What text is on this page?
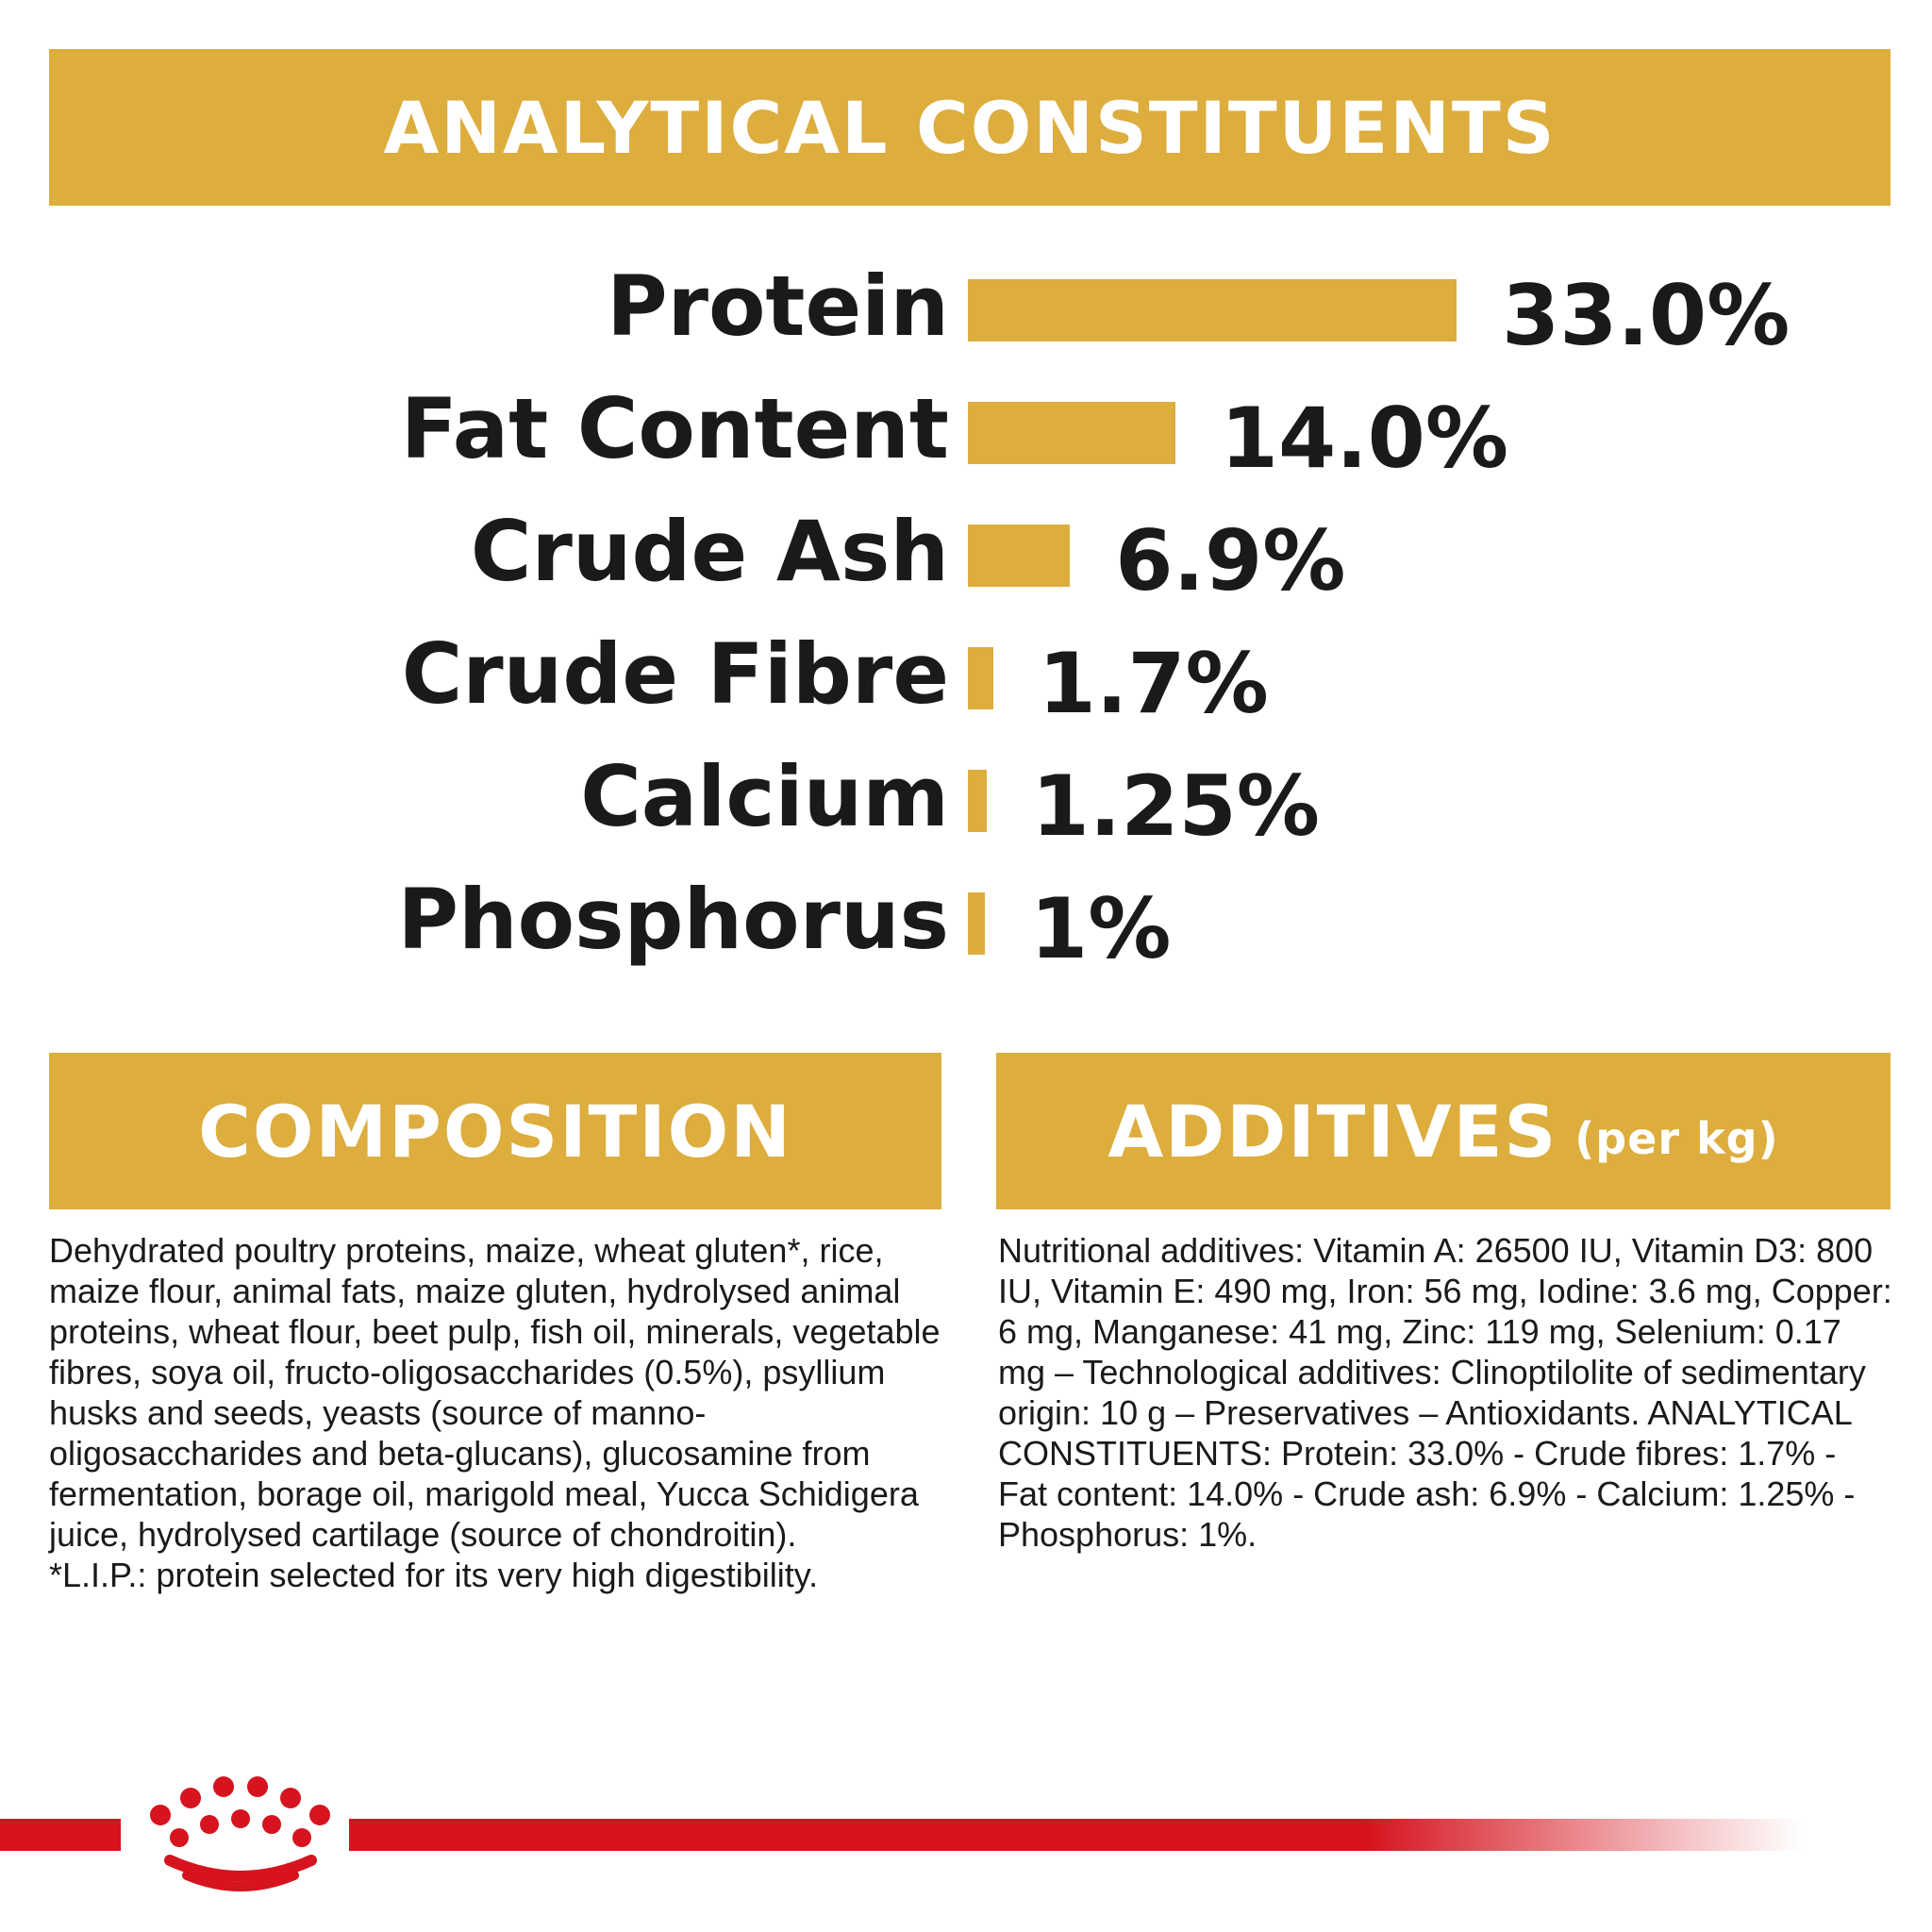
ANALYTICAL CONSTITUENTS
Protein	33.0%
Fat Content	14.0%
Crude Ash 6.9%
Crude Fibre 1.7%
Calcium 1.25%
Phosphorus 1%
COMPOSITION	ADDITIVES (per kg)
Dehydrated poultry proteins, maize, wheat gluten*, rice, maize flour, animal fats, maize gluten, hydrolysed animal proteins, wheat flour, beet pulp, fish oil, minerals, vegetable fibres, soya oil, fructo-oligosaccharides (0.5%), psyllium husks and seeds, yeasts (source of manno-oligosaccharides and beta-glucans), glucosamine from fermentation, borage oil, marigold meal, Yucca Schidigera juice, hydrolysed cartilage (source of chondroitin).
*L.I.P.: protein selected for its very high digestibility.
Nutritional additives: Vitamin A: 26500 IU, Vitamin D3: 800 IU, Vitamin E: 490 mg, Iron: 56 mg, Iodine: 3.6 mg, Copper: 6 mg, Manganese: 41 mg, Zinc: 119 mg, Selenium: 0.17 mg – Technological additives: Clinoptilolite of sedimentary origin: 10 g – Preservatives – Antioxidants. ANALYTICAL CONSTITUENTS: Protein: 33.0% - Crude fibres: 1.7% - Fat content: 14.0% - Crude ash: 6.9% - Calcium: 1.25% - Phosphorus: 1%.
